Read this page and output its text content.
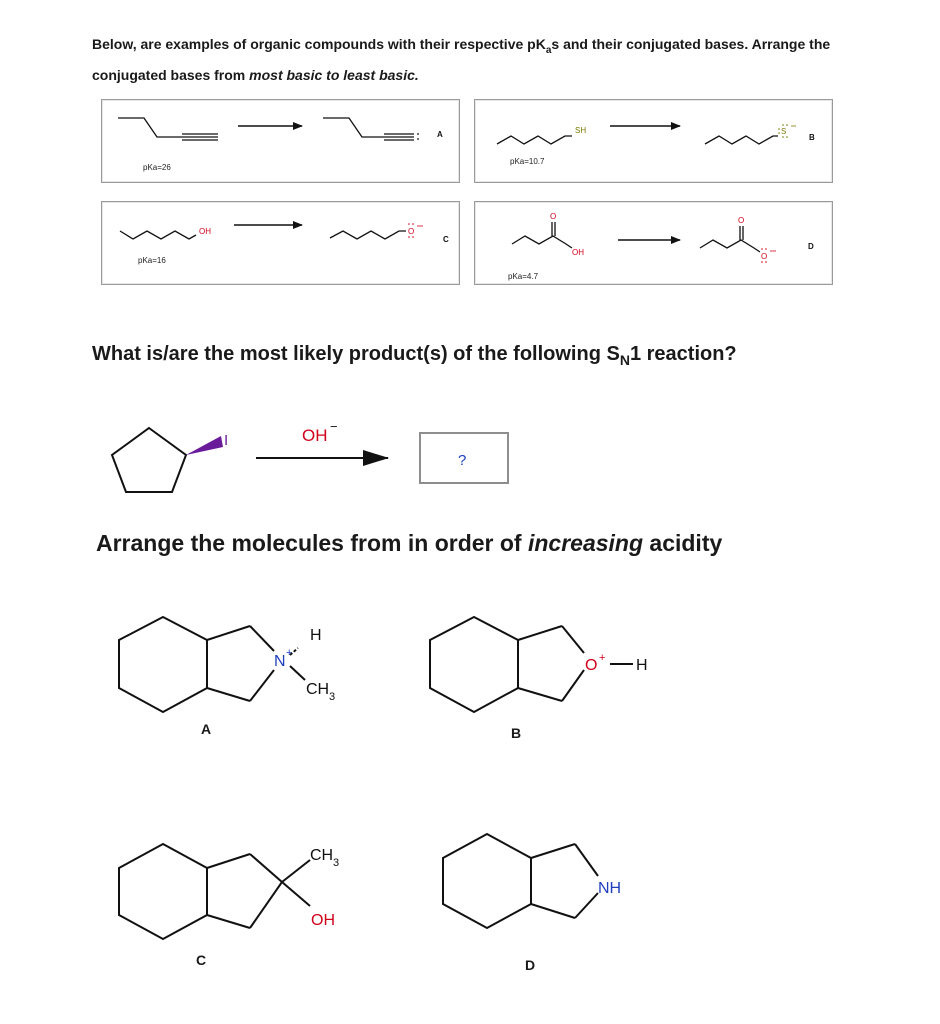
Below, are examples of organic compounds with their respective $pK_as$ and their conjugated bases. Arrange the
conjugated bases from most basic to least basic.
pKa=26
pKa=10.7
pKa=16
pKa=4.7
A	B
C
D
What is/are the most likely product(s) of the following $S_N1$ reaction?
Arrange the molecules from in order of increasing acidity
A	B
C	D
SH	S
OH	O
O
OH
O
O
I	OH −
?
N +
H
CH 3
O + H
CH 3
OH
NH
